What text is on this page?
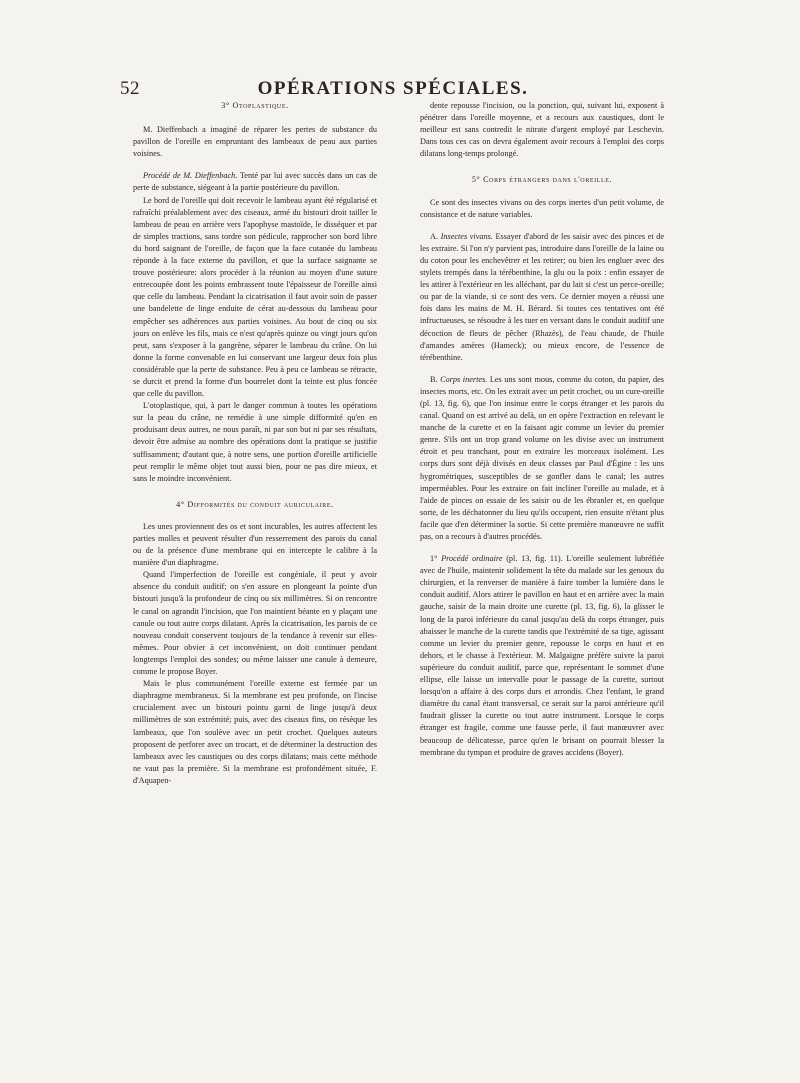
52	OPÉRATIONS SPÉCIALES.
3° Otoplastique.

M. Dieffenbach a imaginé de réparer les pertes de substance du pavillon de l'oreille en empruntant des lambeaux de peau aux parties voisines.

Procédé de M. Dieffenbach. Tenté par lui avec succès dans un cas de perte de substance, siégeant à la partie postérieure du pavillon.

Le bord de l'oreille qui doit recevoir le lambeau ayant été régularisé et rafraîchi préalablement avec des ciseaux, armé du bistouri droit tailler le lambeau de peau en arrière vers l'apophyse mastoïde, le disséquer et par de simples tractions, sans tordre son pédicule, rapprocher son bord libre du bord saignant de l'oreille, de façon que la face cutanée du lambeau réponde à la face externe du pavillon, et que la surface saignante se trouve postérieure: alors procéder à la réunion au moyen d'une suture entrecoupée dont les points embrassent toute l'épaisseur de l'oreille ainsi que celle du lambeau. Pendant la cicatrisation il faut avoir soin de passer une bandelette de linge enduite de cérat au-dessous du lambeau pour empêcher ses adhérences aux parties voisines. Au bout de cinq ou six jours on enlève les fils, mais ce n'est qu'après quinze ou vingt jours qu'on peut, sans s'exposer à la gangrène, séparer le lambeau du crâne. On lui donne la forme convenable en lui conservant une largeur deux fois plus considérable que la perte de substance. Peu à peu ce lambeau se rétracte, se durcit et prend la forme d'un bourrelet dont la teinte est plus foncée que celle du pavillon.

L'otoplastique, qui, à part le danger commun à toutes les opérations sur la peau du crâne, ne remédie à une simple difformité qu'en en produisant deux autres, ne nous paraît, ni par son but ni par ses résultats, devoir être admise au nombre des opérations dont la pratique se justifie suffisamment; d'autant que, à notre sens, une portion d'oreille artificielle peut remplir le même objet tout aussi bien, pour ne pas dire mieux, et sans le moindre inconvénient.

4° Difformités du conduit auriculaire.

Les unes proviennent des os et sont incurables, les autres affectent les parties molles et peuvent résulter d'un resserrement des parois du canal ou de la présence d'une membrane qui en intercepte le calibre à la manière d'un diaphragme.

Quand l'imperfection de l'oreille est congéniale, il peut y avoir absence du conduit auditif; on s'en assure en plongeant la pointe d'un bistouri jusqu'à la profondeur de cinq ou six millimètres. Si on rencontre le canal on agrandit l'incision, que l'on maintient béante en y plaçant une canule ou tout autre corps dilatant. Après la cicatrisation, les parois de ce nouveau conduit conservent toujours de la tendance à revenir sur elles-mêmes. Pour obvier à cet inconvénient, on doit continuer pendant longtemps l'emploi des sondes; ou même laisser une canule à demeure, comme le propose Boyer.

Mais le plus communément l'oreille externe est fermée par un diaphragme membraneux. Si la membrane est peu profonde, on l'incise crucialement avec un bistouri pointu garni de linge jusqu'à deux millimètres de son extrémité; puis, avec des ciseaux fins, on résèque les lambeaux, que l'on soulève avec un petit crochet. Quelques auteurs proposent de perforer avec un trocart, et de déterminer la destruction des lambeaux avec les caustiques ou des corps dilatans; mais cette méthode ne vaut pas la première. Si la membrane est profondément située, F. d'Aquapen-

dente repousse l'incision, ou la ponction, qui, suivant lui, exposent à pénétrer dans l'oreille moyenne, et a recours aux caustiques, dont le meilleur est sans contredit le nitrate d'argent employé par Leschevin. Dans tous ces cas on devra également avoir recours à l'emploi des corps dilatans long-temps prolongé.

5° Corps étrangers dans l'oreille.

Ce sont des insectes vivans ou des corps inertes d'un petit volume, de consistance et de nature variables.

A. Insectes vivans. Essayer d'abord de les saisir avec des pinces et de les extraire. Si l'on n'y parvient pas, introduire dans l'oreille de la laine ou du coton pour les enchevêtrer et les retirer; ou bien les engluer avec des stylets trempés dans la térébenthine, la glu ou la poix : enfin essayer de les attirer à l'extérieur en les alléchant, par du lait si c'est un perce-oreille; ou par de la viande, si ce sont des vers. Ce dernier moyen a réussi une fois dans les mains de M. H. Bérard. Si toutes ces tentatives ont été infructueuses, se résoudre à les tuer en versant dans le conduit auditif une décoction de fleurs de pêcher (Rhazès), de l'eau chaude, de l'huile d'amandes amères (Hameck); ou mieux encore, de l'essence de térébenthine.

B. Corps inertes. Les uns sont mous, comme du coton, du papier, des insectes morts, etc. On les extrait avec un petit crochet, ou un cure-oreille (pl. 13, fig. 6), que l'on insinue entre le corps étranger et les parois du canal. Quand on est arrivé au delà, on en opère l'extraction en relevant le manche de la curette et en la faisant agir comme un levier du premier genre. S'ils ont un trop grand volume on les divise avec un instrument étroit et peu tranchant, pour en extraire les morceaux isolément. Les corps durs sont déjà divisés en deux classes par Paul d'Égine : les uns hygrométriques, susceptibles de se gonfler dans le canal; les autres imperméables. Pour les extraire on fait incliner l'oreille au malade, et à l'aide de pinces on essaie de les saisir ou de les ébranler et, en quelque sorte, de les déchatonner du lieu qu'ils occupent, rien ensuite n'étant plus facile que d'en déterminer la sortie. Si cette première manœuvre ne suffit pas, on a recours à d'autres procédés.

1° Procédé ordinaire (pl. 13, fig. 11). L'oreille seulement lubréfiée avec de l'huile, maintenir solidement la tête du malade sur les genoux du chirurgien, et la renverser de manière à faire tomber la lumière dans le conduit auditif. Alors attirer le pavillon en haut et en arrière avec la main gauche, saisir de la main droite une curette (pl. 13, fig. 6), la glisser le long de la paroi inférieure du canal jusqu'au delà du corps étranger, puis abaisser le manche de la curette tandis que l'extrémité de sa tige, agissant comme un levier du premier genre, repousse le corps en haut et en dehors, et le chasse à l'extérieur. M. Malgaigne préfère suivre la paroi supérieure du conduit auditif, parce que, représentant le sommet d'une ellipse, elle laisse un intervalle pour le passage de la curette, surtout lorsqu'on a affaire à des corps durs et arrondis. Chez l'enfant, le grand diamètre du canal étant transversal, ce serait sur la paroi antérieure qu'il faudrait glisser la curette ou tout autre instrument. Lorsque le corps étranger est fragile, comme une fausse perle, il faut manœuvrer avec beaucoup de délicatesse, parce qu'en le brisant on pourrait blesser la membrane du tympan et produire de graves accidens (Boyer).
